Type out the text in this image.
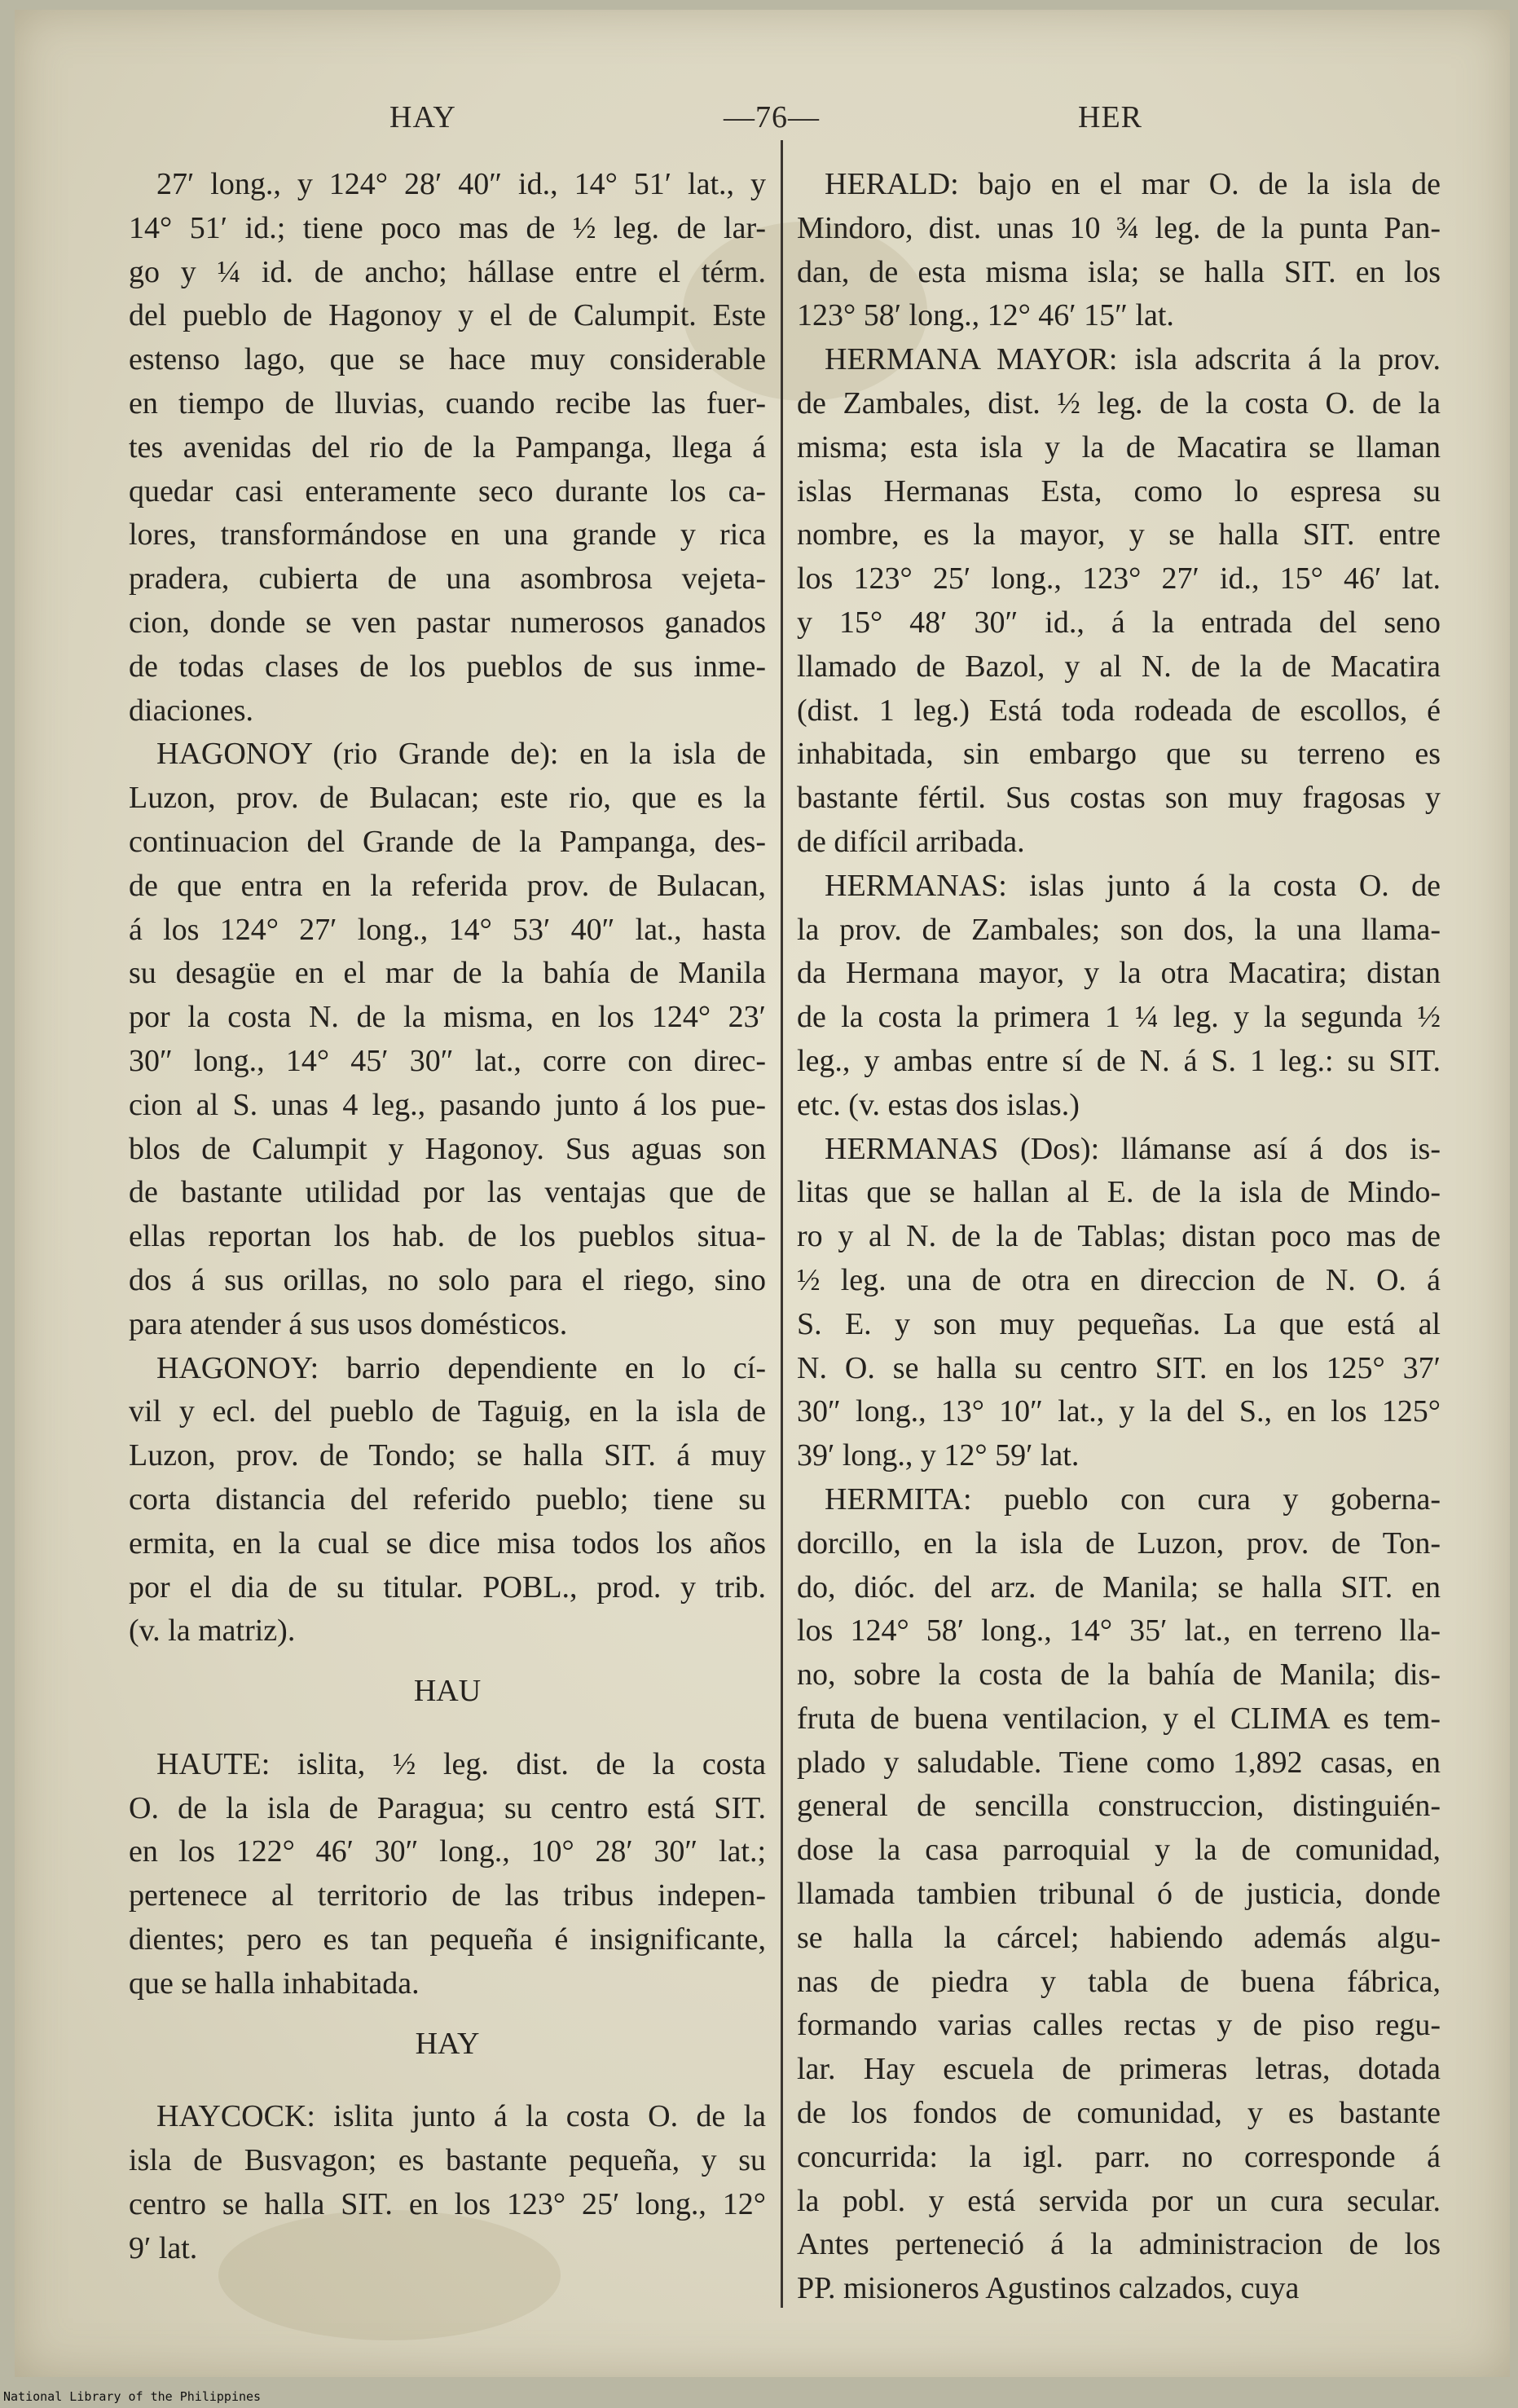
HAY	—76—	HER
27′ long., y 124° 28′ 40″ id., 14° 51′ lat., y
14° 51′ id.; tiene poco mas de ½ leg. de lar-
go y ¼ id. de ancho; hállase entre el térm.
del pueblo de Hagonoy y el de Calumpit. Este
estenso lago, que se hace muy considerable
en tiempo de lluvias, cuando recibe las fuer-
tes avenidas del rio de la Pampanga, llega á
quedar casi enteramente seco durante los ca-
lores, transformándose en una grande y rica
pradera, cubierta de una asombrosa vejeta-
cion, donde se ven pastar numerosos ganados
de todas clases de los pueblos de sus inme-
diaciones.
HAGONOY (rio Grande de): en la isla de
Luzon, prov. de Bulacan; este rio, que es la
continuacion del Grande de la Pampanga, des-
de que entra en la referida prov. de Bulacan,
á los 124° 27′ long., 14° 53′ 40″ lat., hasta
su desagüe en el mar de la bahía de Manila
por la costa N. de la misma, en los 124° 23′
30″ long., 14° 45′ 30″ lat., corre con direc-
cion al S. unas 4 leg., pasando junto á los pue-
blos de Calumpit y Hagonoy. Sus aguas son
de bastante utilidad por las ventajas que de
ellas reportan los hab. de los pueblos situa-
dos á sus orillas, no solo para el riego, sino
para atender á sus usos domésticos.
HAGONOY: barrio dependiente en lo cí-
vil y ecl. del pueblo de Taguig, en la isla de
Luzon, prov. de Tondo; se halla SIT. á muy
corta distancia del referido pueblo; tiene su
ermita, en la cual se dice misa todos los años
por el dia de su titular. POBL., prod. y trib.
(v. la matriz).
HAU
HAUTE: islita, ½ leg. dist. de la costa
O. de la isla de Paragua; su centro está SIT.
en los 122° 46′ 30″ long., 10° 28′ 30″ lat.;
pertenece al territorio de las tribus indepen-
dientes; pero es tan pequeña é insignificante,
que se halla inhabitada.
HAY
HAYCOCK: islita junto á la costa O. de la
isla de Busvagon; es bastante pequeña, y su
centro se halla SIT. en los 123° 25′ long., 12°
9′ lat.
HERALD: bajo en el mar O. de la isla de
Mindoro, dist. unas 10 ¾ leg. de la punta Pan-
dan, de esta misma isla; se halla SIT. en los
123° 58′ long., 12° 46′ 15″ lat.
HERMANA MAYOR: isla adscrita á la prov.
de Zambales, dist. ½ leg. de la costa O. de la
misma; esta isla y la de Macatira se llaman
islas Hermanas Esta, como lo espresa su
nombre, es la mayor, y se halla SIT. entre
los 123° 25′ long., 123° 27′ id., 15° 46′ lat.
y 15° 48′ 30″ id., á la entrada del seno
llamado de Bazol, y al N. de la de Macatira
(dist. 1 leg.) Está toda rodeada de escollos, é
inhabitada, sin embargo que su terreno es
bastante fértil. Sus costas son muy fragosas y
de difícil arribada.
HERMANAS: islas junto á la costa O. de
la prov. de Zambales; son dos, la una llama-
da Hermana mayor, y la otra Macatira; distan
de la costa la primera 1 ¼ leg. y la segunda ½
leg., y ambas entre sí de N. á S. 1 leg.: su SIT.
etc. (v. estas dos islas.)
HERMANAS (Dos): llámanse así á dos is-
litas que se hallan al E. de la isla de Mindo-
ro y al N. de la de Tablas; distan poco mas de
½ leg. una de otra en direccion de N. O. á
S. E. y son muy pequeñas. La que está al
N. O. se halla su centro SIT. en los 125° 37′
30″ long., 13° 10″ lat., y la del S., en los 125°
39′ long., y 12° 59′ lat.
HERMITA: pueblo con cura y goberna-
dorcillo, en la isla de Luzon, prov. de Ton-
do, dióc. del arz. de Manila; se halla SIT. en
los 124° 58′ long., 14° 35′ lat., en terreno lla-
no, sobre la costa de la bahía de Manila; dis-
fruta de buena ventilacion, y el CLIMA es tem-
plado y saludable. Tiene como 1,892 casas, en
general de sencilla construccion, distinguién-
dose la casa parroquial y la de comunidad,
llamada tambien tribunal ó de justicia, donde
se halla la cárcel; habiendo además algu-
nas de piedra y tabla de buena fábrica,
formando varias calles rectas y de piso regu-
lar. Hay escuela de primeras letras, dotada
de los fondos de comunidad, y es bastante
concurrida: la igl. parr. no corresponde á
la pobl. y está servida por un cura secular.
Antes perteneció á la administracion de los
PP. misioneros Agustinos calzados, cuya
National Library of the Philippines
